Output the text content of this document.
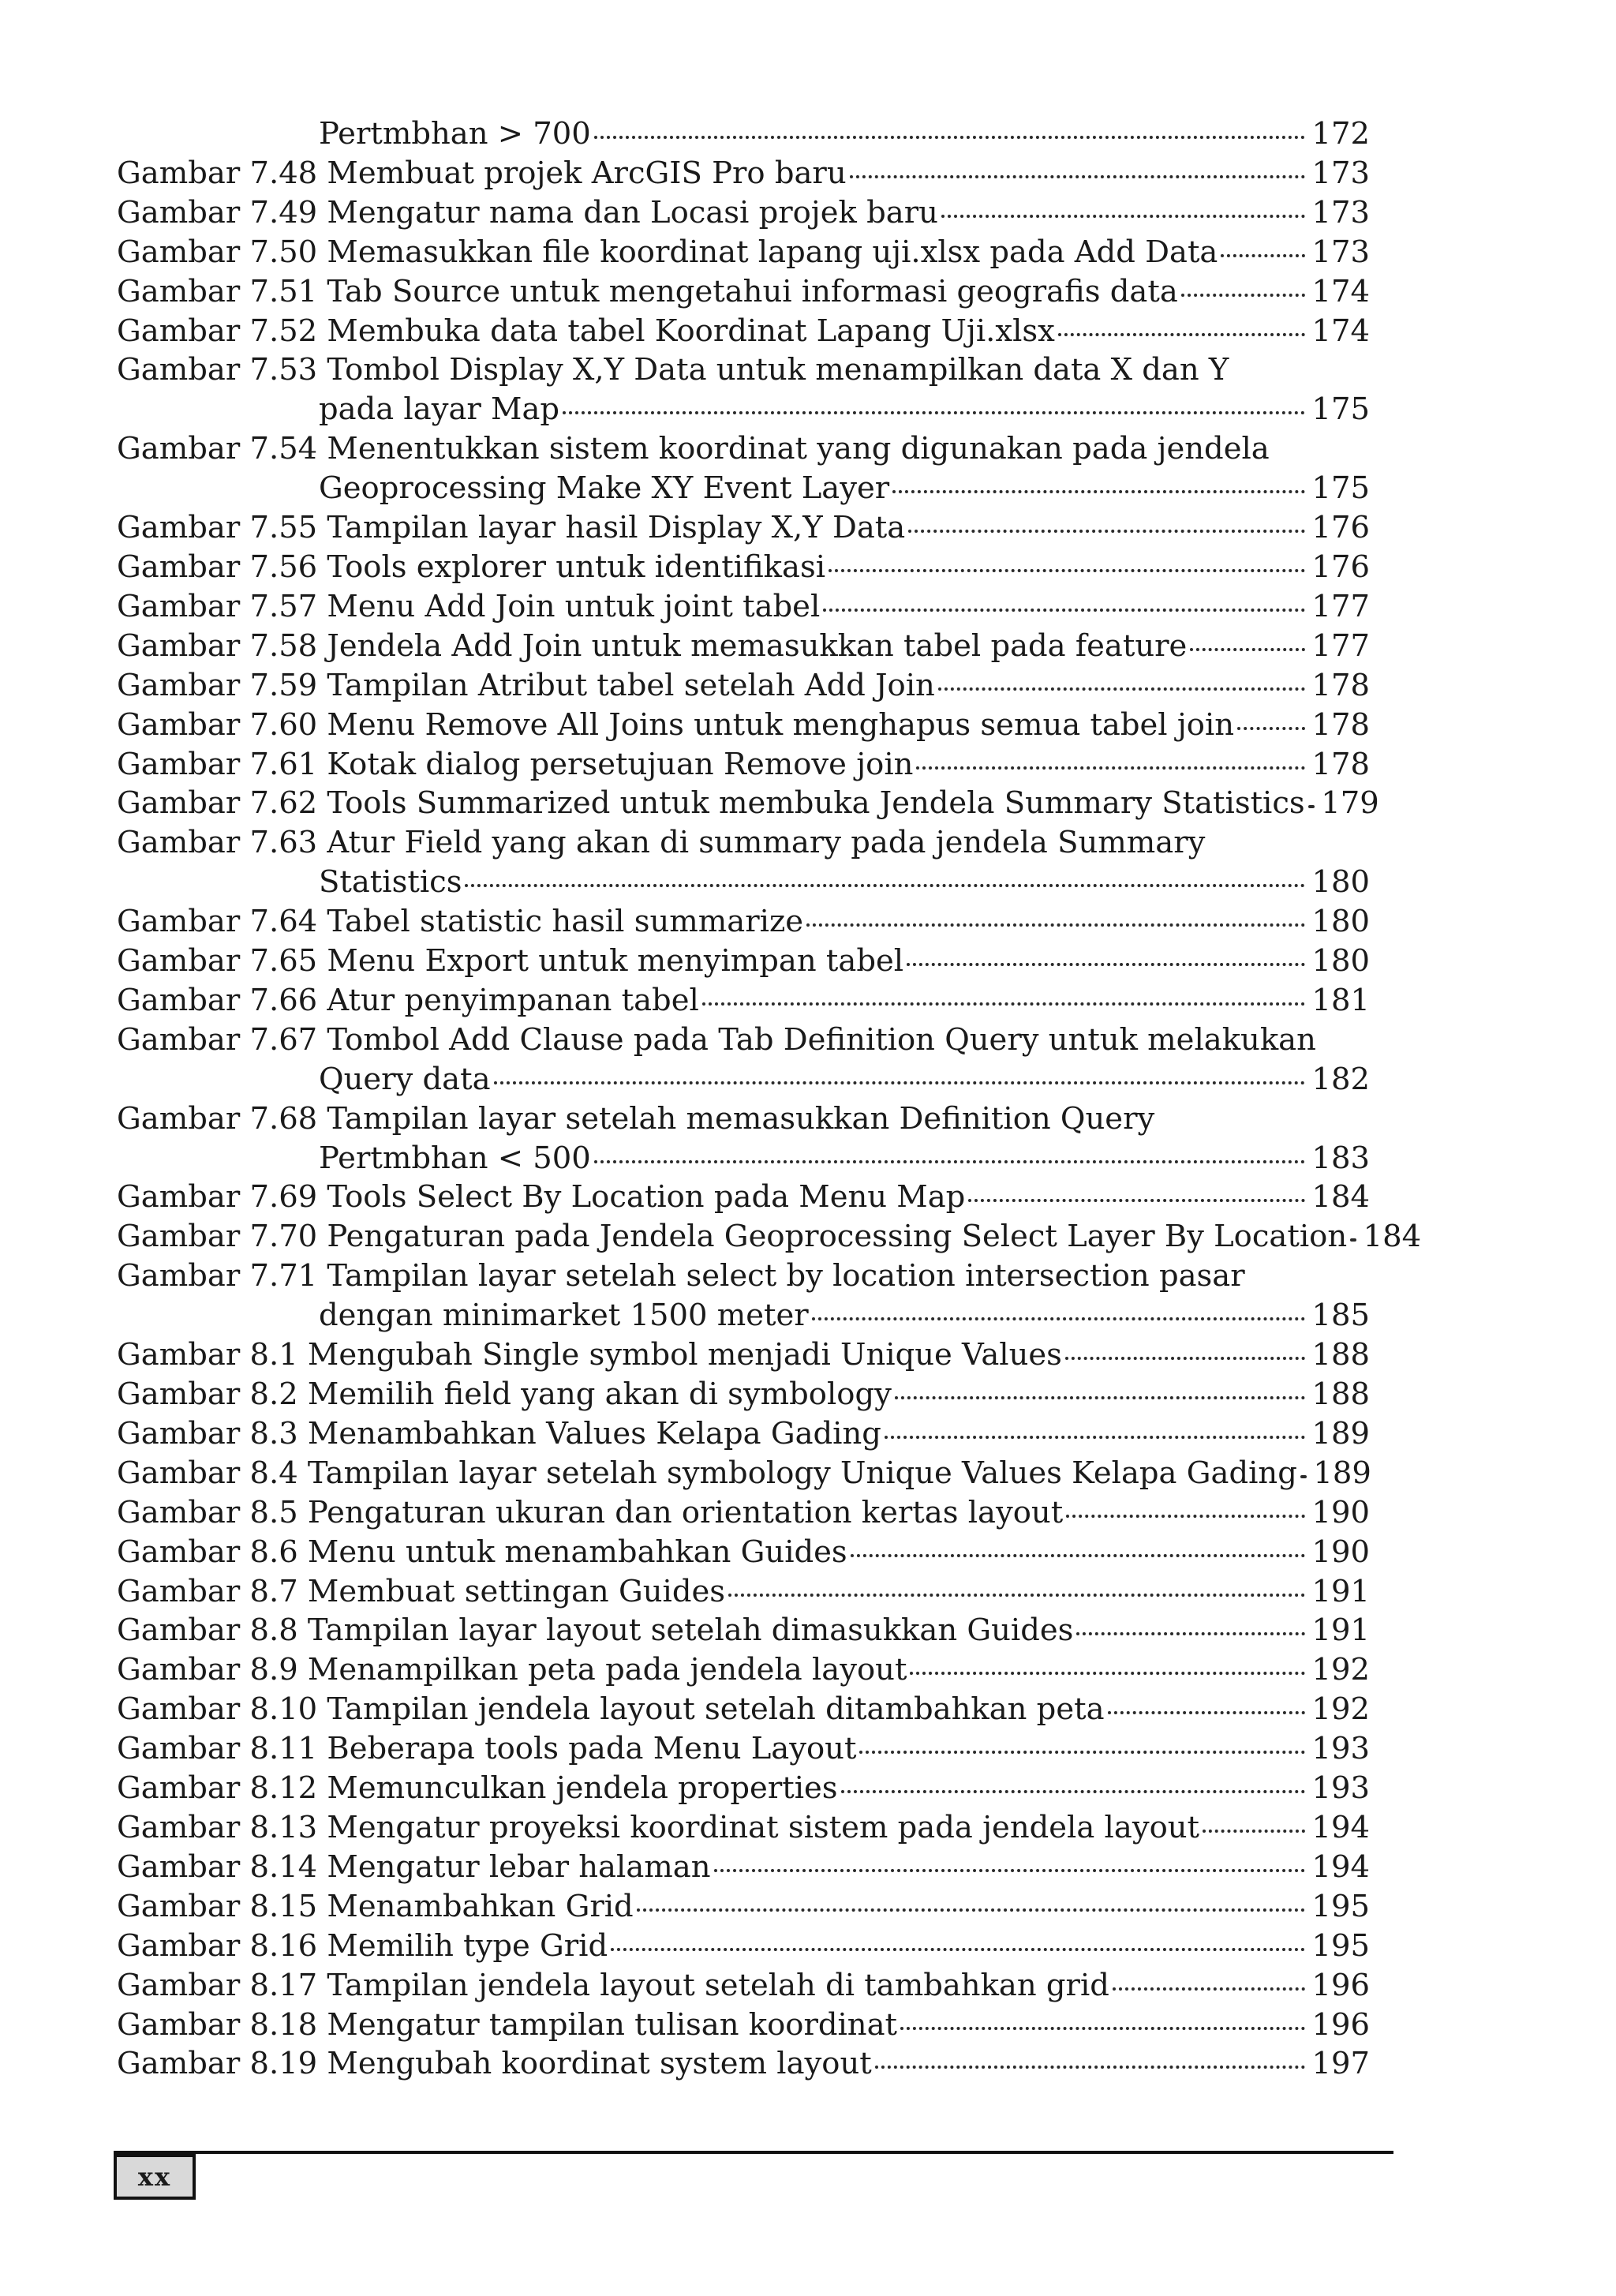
Pertmbhan > 700	172
Gambar 7.48 Membuat projek ArcGIS Pro baru	173
Gambar 7.49 Mengatur nama dan Locasi projek baru	173
Gambar 7.50 Memasukkan file koordinat lapang uji.xlsx pada Add Data	173
Gambar 7.51 Tab Source untuk mengetahui informasi geografis data	174
Gambar 7.52 Membuka data tabel Koordinat Lapang Uji.xlsx	174
Gambar 7.53 Tombol Display X,Y Data untuk menampilkan data X dan Y
pada layar Map	175
Gambar 7.54 Menentukkan sistem koordinat yang digunakan pada jendela
Geoprocessing Make XY Event Layer	175
Gambar 7.55 Tampilan layar hasil Display X,Y Data	176
Gambar 7.56 Tools explorer untuk identifikasi	176
Gambar 7.57 Menu Add Join untuk joint tabel	177
Gambar 7.58 Jendela Add Join untuk memasukkan tabel pada feature	177
Gambar 7.59 Tampilan Atribut tabel setelah Add Join	178
Gambar 7.60 Menu Remove All Joins untuk menghapus semua tabel join	178
Gambar 7.61 Kotak dialog persetujuan Remove join	178
Gambar 7.62 Tools Summarized untuk membuka Jendela Summary Statistics 179
Gambar 7.63 Atur Field yang akan di summary pada jendela Summary
Statistics	180
Gambar 7.64 Tabel statistic hasil summarize	180
Gambar 7.65 Menu Export untuk menyimpan tabel	180
Gambar 7.66 Atur penyimpanan tabel	181
Gambar 7.67 Tombol Add Clause pada Tab Definition Query untuk melakukan
Query data	182
Gambar 7.68 Tampilan layar setelah memasukkan Definition Query
Pertmbhan < 500	183
Gambar 7.69 Tools Select By Location pada Menu Map	184
Gambar 7.70 Pengaturan pada Jendela Geoprocessing Select Layer By Location 184
Gambar 7.71 Tampilan layar setelah select by location intersection pasar
dengan minimarket 1500 meter	185
Gambar 8.1 Mengubah Single symbol menjadi Unique Values	188
Gambar 8.2 Memilih field yang akan di symbology	188
Gambar 8.3 Menambahkan Values Kelapa Gading	189
Gambar 8.4 Tampilan layar setelah symbology Unique Values Kelapa Gading 189
Gambar 8.5 Pengaturan ukuran dan orientation kertas layout	190
Gambar 8.6 Menu untuk menambahkan Guides	190
Gambar 8.7 Membuat settingan Guides	191
Gambar 8.8 Tampilan layar layout setelah dimasukkan Guides	191
Gambar 8.9 Menampilkan peta pada jendela layout	192
Gambar 8.10 Tampilan jendela layout setelah ditambahkan peta	192
Gambar 8.11 Beberapa tools pada Menu Layout	193
Gambar 8.12 Memunculkan jendela properties	193
Gambar 8.13 Mengatur proyeksi koordinat sistem pada jendela layout	194
Gambar 8.14 Mengatur lebar halaman	194
Gambar 8.15 Menambahkan Grid	195
Gambar 8.16 Memilih type Grid	195
Gambar 8.17 Tampilan jendela layout setelah di tambahkan grid	196
Gambar 8.18 Mengatur tampilan tulisan koordinat	196
Gambar 8.19 Mengubah koordinat system layout	197
xx
